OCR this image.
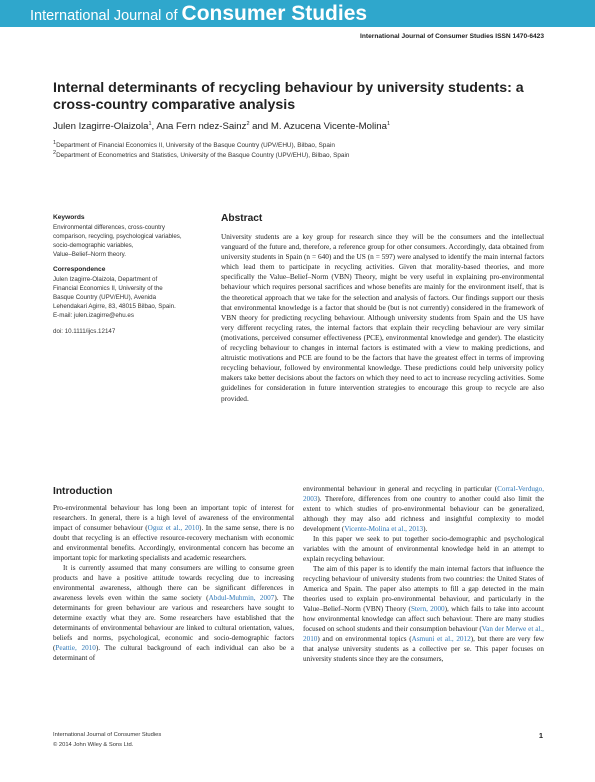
International Journal of Consumer Studies
International Journal of Consumer Studies ISSN 1470-6423
Internal determinants of recycling behaviour by university students: a cross-country comparative analysis
Julen Izagirre-Olaizola$^1$, Ana Fern ndez-Sainz$^2$ and M. Azucena Vicente-Molina$^1$
$^1$Department of Financial Economics II, University of the Basque Country (UPV/EHU), Bilbao, Spain
$^2$Department of Econometrics and Statistics, University of the Basque Country (UPV/EHU), Bilbao, Spain
Keywords
Environmental differences, cross-country
comparison, recycling, psychological variables,
socio-demographic variables,
Value–Belief–Norm theory.
Correspondence
Julen Izagirre-Olaizola, Department of
Financial Economics II, University of the
Basque Country (UPV/EHU), Avenida
Lehendakari Agirre, 83, 48015 Bilbao, Spain.
E-mail: julen.izagirre@ehu.es
doi: 10.1111/ijcs.12147
Abstract

University students are a key group for research since they will be the consumers and the intellectual vanguard of the future and, therefore, a reference group for other consumers. Accordingly, data obtained from university students in Spain (n = 640) and the US (n = 597) were analysed to identify the main internal factors which lead them to participate in recycling activities. Given that morality-based theories, and more specifically the Value–Belief–Norm (VBN) Theory, might be very useful in explaining pro-environmental behaviour which requires personal sacrifices and whose benefits are mainly for the environment itself, that is the theoretical approach that we take for the selection and analysis of factors. Our findings support our thesis that environmental knowledge is a factor that should be (but is not currently) considered in the framework of VBN theory for predicting recycling behaviour. Although university students from Spain and the US have very different recycling rates, the internal factors that explain their recycling behaviour are very similar (motivations, perceived consumer effectiveness (PCE), environmental knowledge and gender). The elasticity of recycling behaviour to changes in internal factors is estimated with a view to making predictions, and altruistic motivations and PCE are found to be the factors that have the greatest effect in terms of improving recycling behaviour, followed by environmental knowledge. These predictions could help university policy makers take better decisions about the factors on which they need to act to increase recycling activities. Some guidelines for consideration in future intervention strategies to encourage this group to recycle are also provided.

Introduction

Pro-environmental behaviour has long been an important topic of interest for researchers. In general, there is a high level of awareness of the environmental impact of consumer behaviour (Oguz et al., 2010). In the same sense, there is no doubt that recycling is an effective resource-recovery mechanism with economic and environmental benefits. Accordingly, environmental concern has become an important topic for marketing specialists and academic researchers.

It is currently assumed that many consumers are willing to consume green products and have a positive attitude towards recycling due to increasing environmental awareness, although there can be significant differences in awareness levels even within the same society (Abdul-Muhmin, 2007). The determinants for green behaviour are various and researchers have sought to determine exactly what they are. Some researchers have established that the determinants of environmental behaviour are linked to cultural orientation, values, beliefs and norms, psychological, economic and socio-demographic factors (Peattie, 2010). The cultural background of each individual can also be a determinant of

environmental behaviour in general and recycling in particular (Corral-Verdugo, 2003). Therefore, differences from one country to another could also limit the extent to which studies of pro-environmental behaviour can be generalized, although they may also add richness and insightful complexity to model development (Vicente-Molina et al., 2013).

In this paper we seek to put together socio-demographic and psychological variables with the amount of environmental knowledge held in an attempt to explain recycling behaviour.

The aim of this paper is to identify the main internal factors that influence the recycling behaviour of university students from two countries: the United States of America and Spain. The paper also attempts to fill a gap detected in the main theories used to explain pro-environmental behaviour, and particularly in the Value–Belief–Norm (VBN) Theory (Stern, 2000), which fails to take into account how environmental knowledge can affect such behaviour. There are many studies focused on school students and their consumption behaviour (Van der Merwe et al., 2010) and on environmental topics (Asmuni et al., 2012), but there are very few that analyse university students as a collective per se. This paper focuses on university students since they are the consumers,

International Journal of Consumer Studies
© 2014 John Wiley & Sons Ltd.
1
